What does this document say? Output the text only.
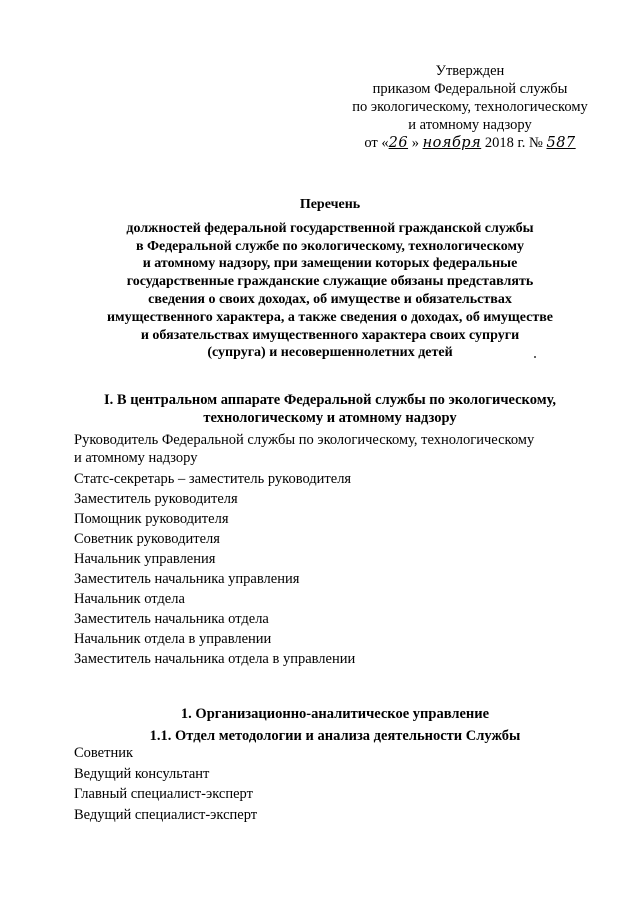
Утвержден
приказом Федеральной службы
по экологическому, технологическому
и атомному надзору
от «26 » ноября 2018 г. № 587
Перечень
должностей федеральной государственной гражданской службы
в Федеральной службе по экологическому, технологическому
и атомному надзору, при замещении которых федеральные
государственные гражданские служащие обязаны представлять
сведения о своих доходах, об имуществе и обязательствах
имущественного характера, а также сведения о доходах, об имуществе
и обязательствах имущественного характера своих супруги
(супруга) и несовершеннолетних детей
I. В центральном аппарате Федеральной службы по экологическому,
технологическому и атомному надзору
Руководитель Федеральной службы по экологическому, технологическому
и атомному надзору
Статс-секретарь – заместитель руководителя
Заместитель руководителя
Помощник руководителя
Советник руководителя
Начальник управления
Заместитель начальника управления
Начальник отдела
Заместитель начальника отдела
Начальник отдела в управлении
Заместитель начальника отдела в управлении
1. Организационно-аналитическое управление
1.1. Отдел методологии и анализа деятельности Службы
Советник
Ведущий консультант
Главный специалист-эксперт
Ведущий специалист-эксперт
